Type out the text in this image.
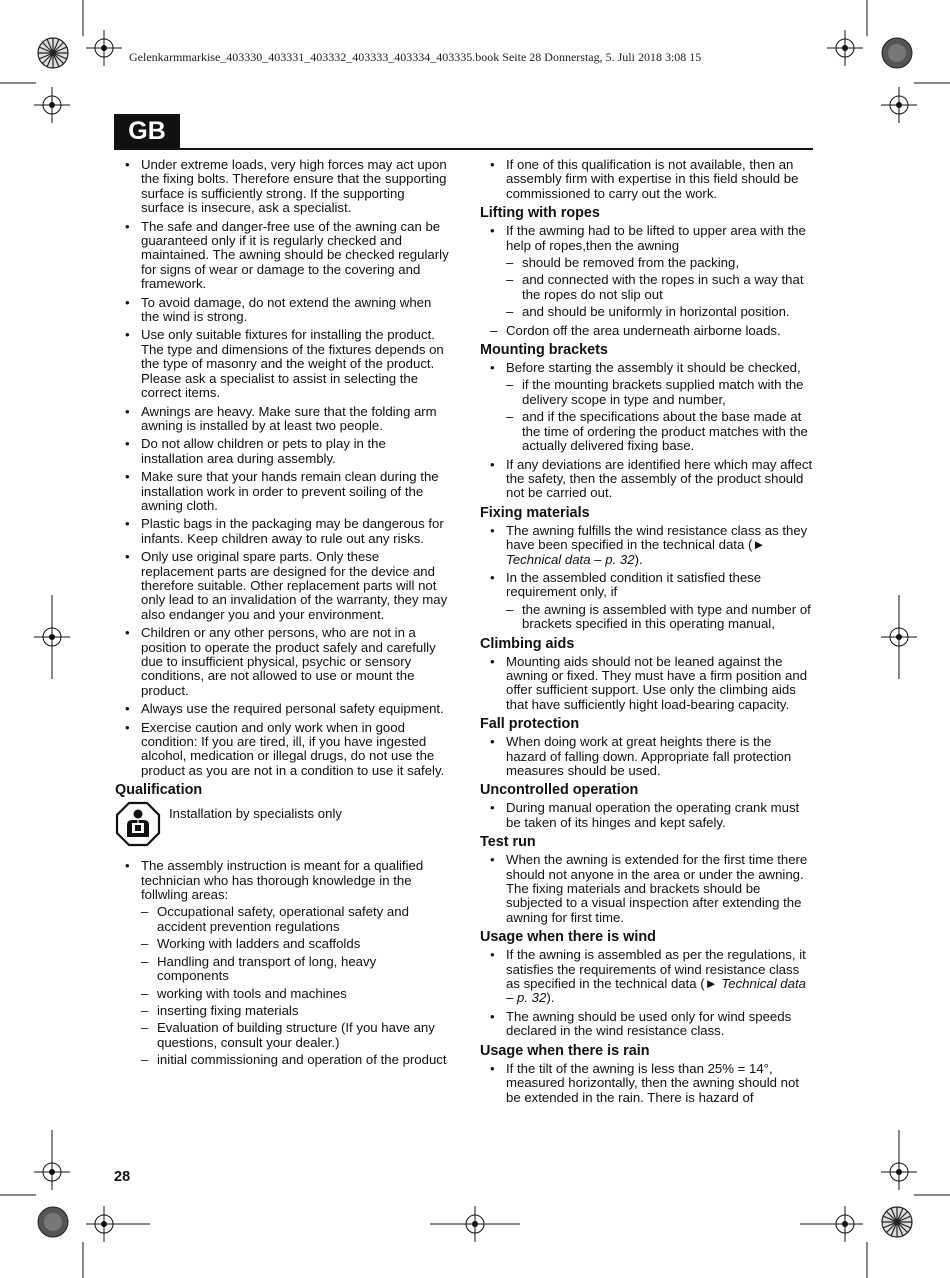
Gelenkarmmarkise_403330_403331_403332_403333_403334_403335.book Seite 28 Donnerstag, 5. Juli 2018 3:08 15
GB
• Under extreme loads, very high forces may act upon the fixing bolts. Therefore ensure that the supporting surface is sufficiently strong. If the supporting surface is insecure, ask a specialist.
• The safe and danger-free use of the awning can be guaranteed only if it is regularly checked and maintained. The awning should be checked regularly for signs of wear or damage to the covering and framework.
• To avoid damage, do not extend the awning when the wind is strong.
• Use only suitable fixtures for installing the product. The type and dimensions of the fixtures depends on the type of masonry and the weight of the product. Please ask a specialist to assist in selecting the correct items.
• Awnings are heavy. Make sure that the folding arm awning is installed by at least two people.
• Do not allow children or pets to play in the installation area during assembly.
• Make sure that your hands remain clean during the installation work in order to prevent soiling of the awning cloth.
• Plastic bags in the packaging may be dangerous for infants. Keep children away to rule out any risks.
• Only use original spare parts. Only these replacement parts are designed for the device and therefore suitable. Other replacement parts will not only lead to an invalidation of the warranty, they may also endanger you and your environment.
• Children or any other persons, who are not in a position to operate the product safely and carefully due to insufficient physical, psychic or sensory conditions, are not allowed to use or mount the product.
• Always use the required personal safety equipment.
• Exercise caution and only work when in good condition: If you are tired, ill, if you have ingested alcohol, medication or illegal drugs, do not use the product as you are not in a condition to use it safely.
Qualification
Installation by specialists only
• The assembly instruction is meant for a qualified technician who has thorough knowledge in the follwling areas:
– Occupational safety, operational safety and accident prevention regulations
– Working with ladders and scaffolds
– Handling and transport of long, heavy components
– working with tools and machines
– inserting fixing materials
– Evaluation of building structure (If you have any questions, consult your dealer.)
– initial commissioning and operation of the product
• If one of this qualification is not available, then an assembly firm with expertise in this field should be commissioned to carry out the work.
Lifting with ropes
• If the awming had to be lifted to upper area with the help of ropes,then the awning
– should be removed from the packing,
– and connected with the ropes in such a way that the ropes do not slip out
– and should be uniformly in horizontal position.
– Cordon off the area underneath airborne loads.
Mounting brackets
• Before starting the assembly it should be checked,
– if the mounting brackets supplied match with the delivery scope in type and number,
– and if the specifications about the base made at the time of ordering the product matches with the actually delivered fixing base.
• If any deviations are identified here which may affect the safety, then the assembly of the product should not be carried out.
Fixing materials
• The awning fulfills the wind resistance class as they have been specified in the technical data (► Technical data – p. 32).
• In the assembled condition it satisfied these requirement only, if
– the awning is assembled with type and number of brackets specified in this operating manual,
Climbing aids
• Mounting aids should not be leaned against the awning or fixed. They must have a firm position and offer sufficient support. Use only the climbing aids that have sufficiently hight load-bearing capacity.
Fall protection
• When doing work at great heights there is the hazard of falling down. Appropriate fall protection measures should be used.
Uncontrolled operation
• During manual operation the operating crank must be taken of its hinges and kept safely.
Test run
• When the awning is extended for the first time there should not anyone in the area or under the awning. The fixing materials and brackets should be subjected to a visual inspection after extending the awning for first time.
Usage when there is wind
• If the awning is assembled as per the regulations, it satisfies the requirements of wind resistance class as specified in the technical data (► Technical data – p. 32).
• The awning should be used only for wind speeds declared in the wind resistance class.
Usage when there is rain
• If the tilt of the awning is less than 25% = 14°, measured horizontally, then the awning should not be extended in the rain. There is hazard of
28
